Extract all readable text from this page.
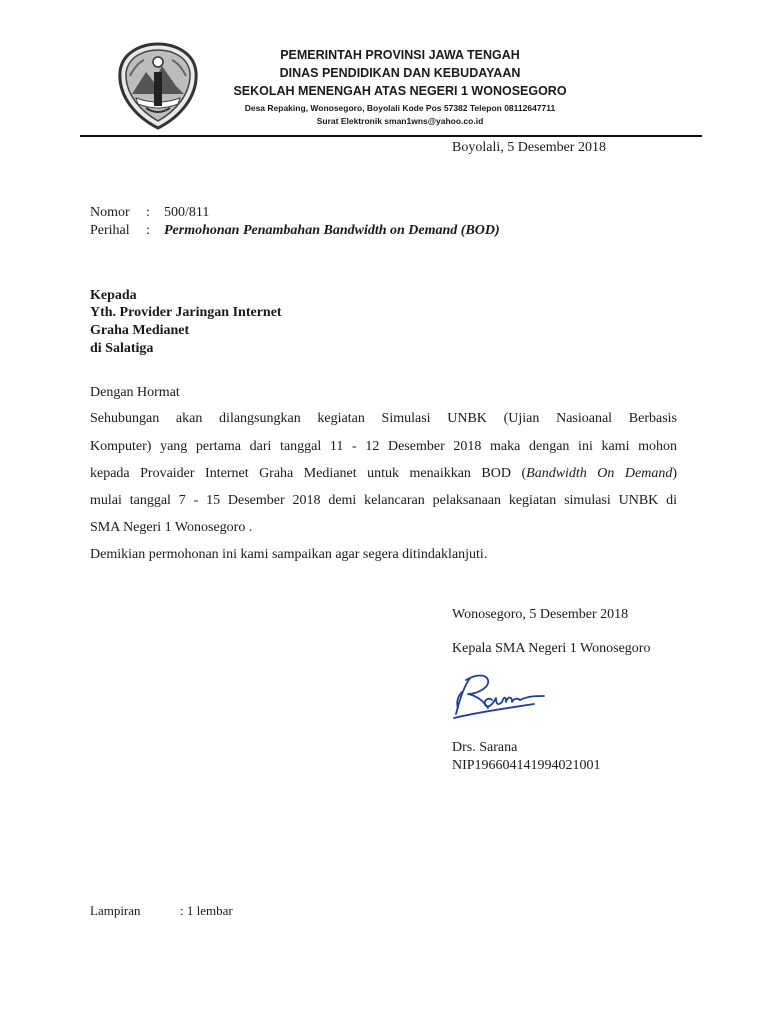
PEMERINTAH PROVINSI JAWA TENGAH
DINAS PENDIDIKAN DAN KEBUDAYAAN
SEKOLAH MENENGAH ATAS NEGERI 1 WONOSEGORO
Desa Repaking, Wonosegoro, Boyolali Kode Pos 57382 Telepon 08112647711
Surat Elektronik sman1wns@yahoo.co.id
Boyolali, 5 Desember 2018
Nomor : 500/811
Perihal : Permohonan Penambahan Bandwidth on Demand (BOD)
Kepada
Yth. Provider Jaringan Internet
Graha Medianet
di Salatiga
Dengan Hormat
Sehubungan akan dilangsungkan kegiatan Simulasi UNBK (Ujian Nasioanal Berbasis
Komputer) yang pertama dari tanggal 11 - 12 Desember 2018 maka dengan ini kami mohon
kepada Provaider Internet Graha Medianet untuk menaikkan BOD (Bandwidth On Demand)
mulai tanggal 7 - 15 Desember 2018 demi kelancaran pelaksanaan kegiatan simulasi UNBK di
SMA Negeri 1 Wonosegoro .
Demikian permohonan ini kami sampaikan agar segera ditindaklanjuti.
Wonosegoro, 5 Desember 2018
Kepala SMA Negeri 1 Wonosegoro
Drs. Sarana
NIP196604141994021001
Lampiran	: 1 lembar
